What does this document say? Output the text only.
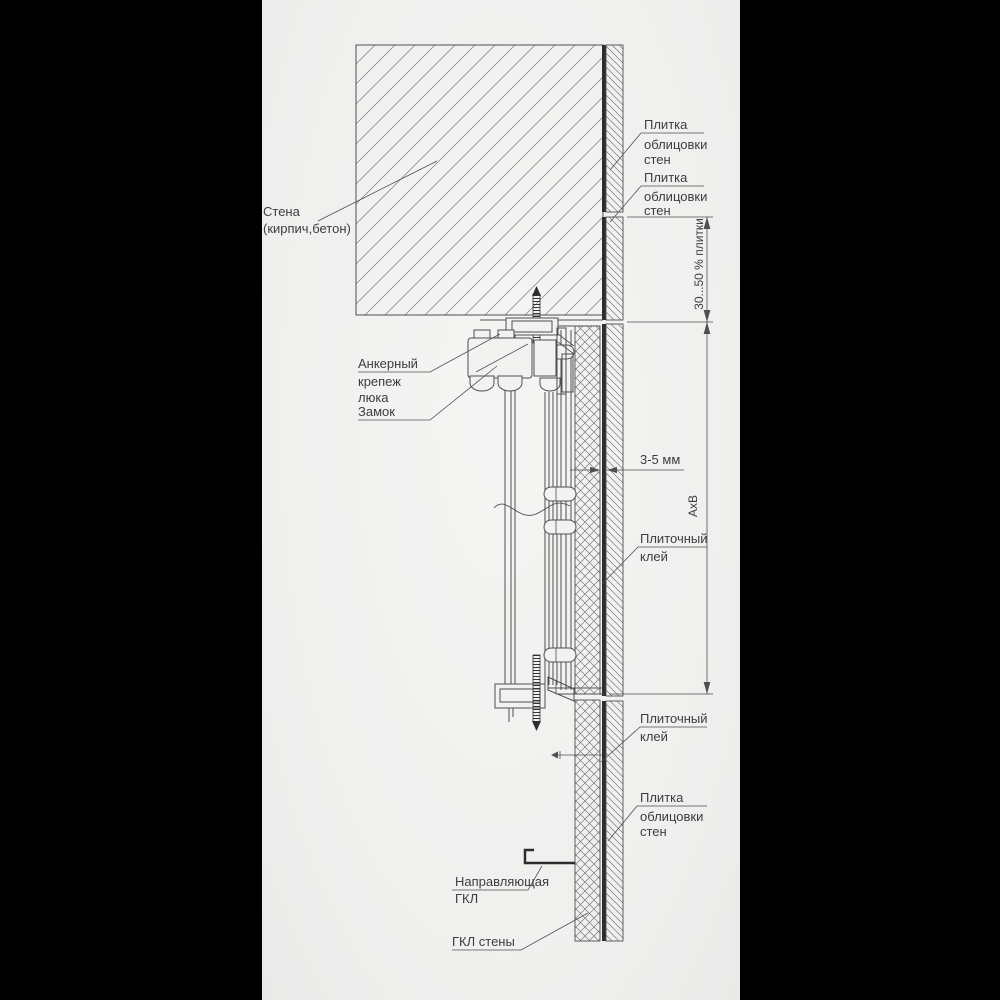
30...50 % плитки
AxB
Стена
(кирпич,бетон)
Плитка
облицовки
стен
Плитка
облицовки
стен
Анкерный
крепеж
люка
Замок
3-5 мм
Плиточный
клей
Плиточный
клей
Плитка
облицовки
стен
Направляющая
ГКЛ
ГКЛ стены
